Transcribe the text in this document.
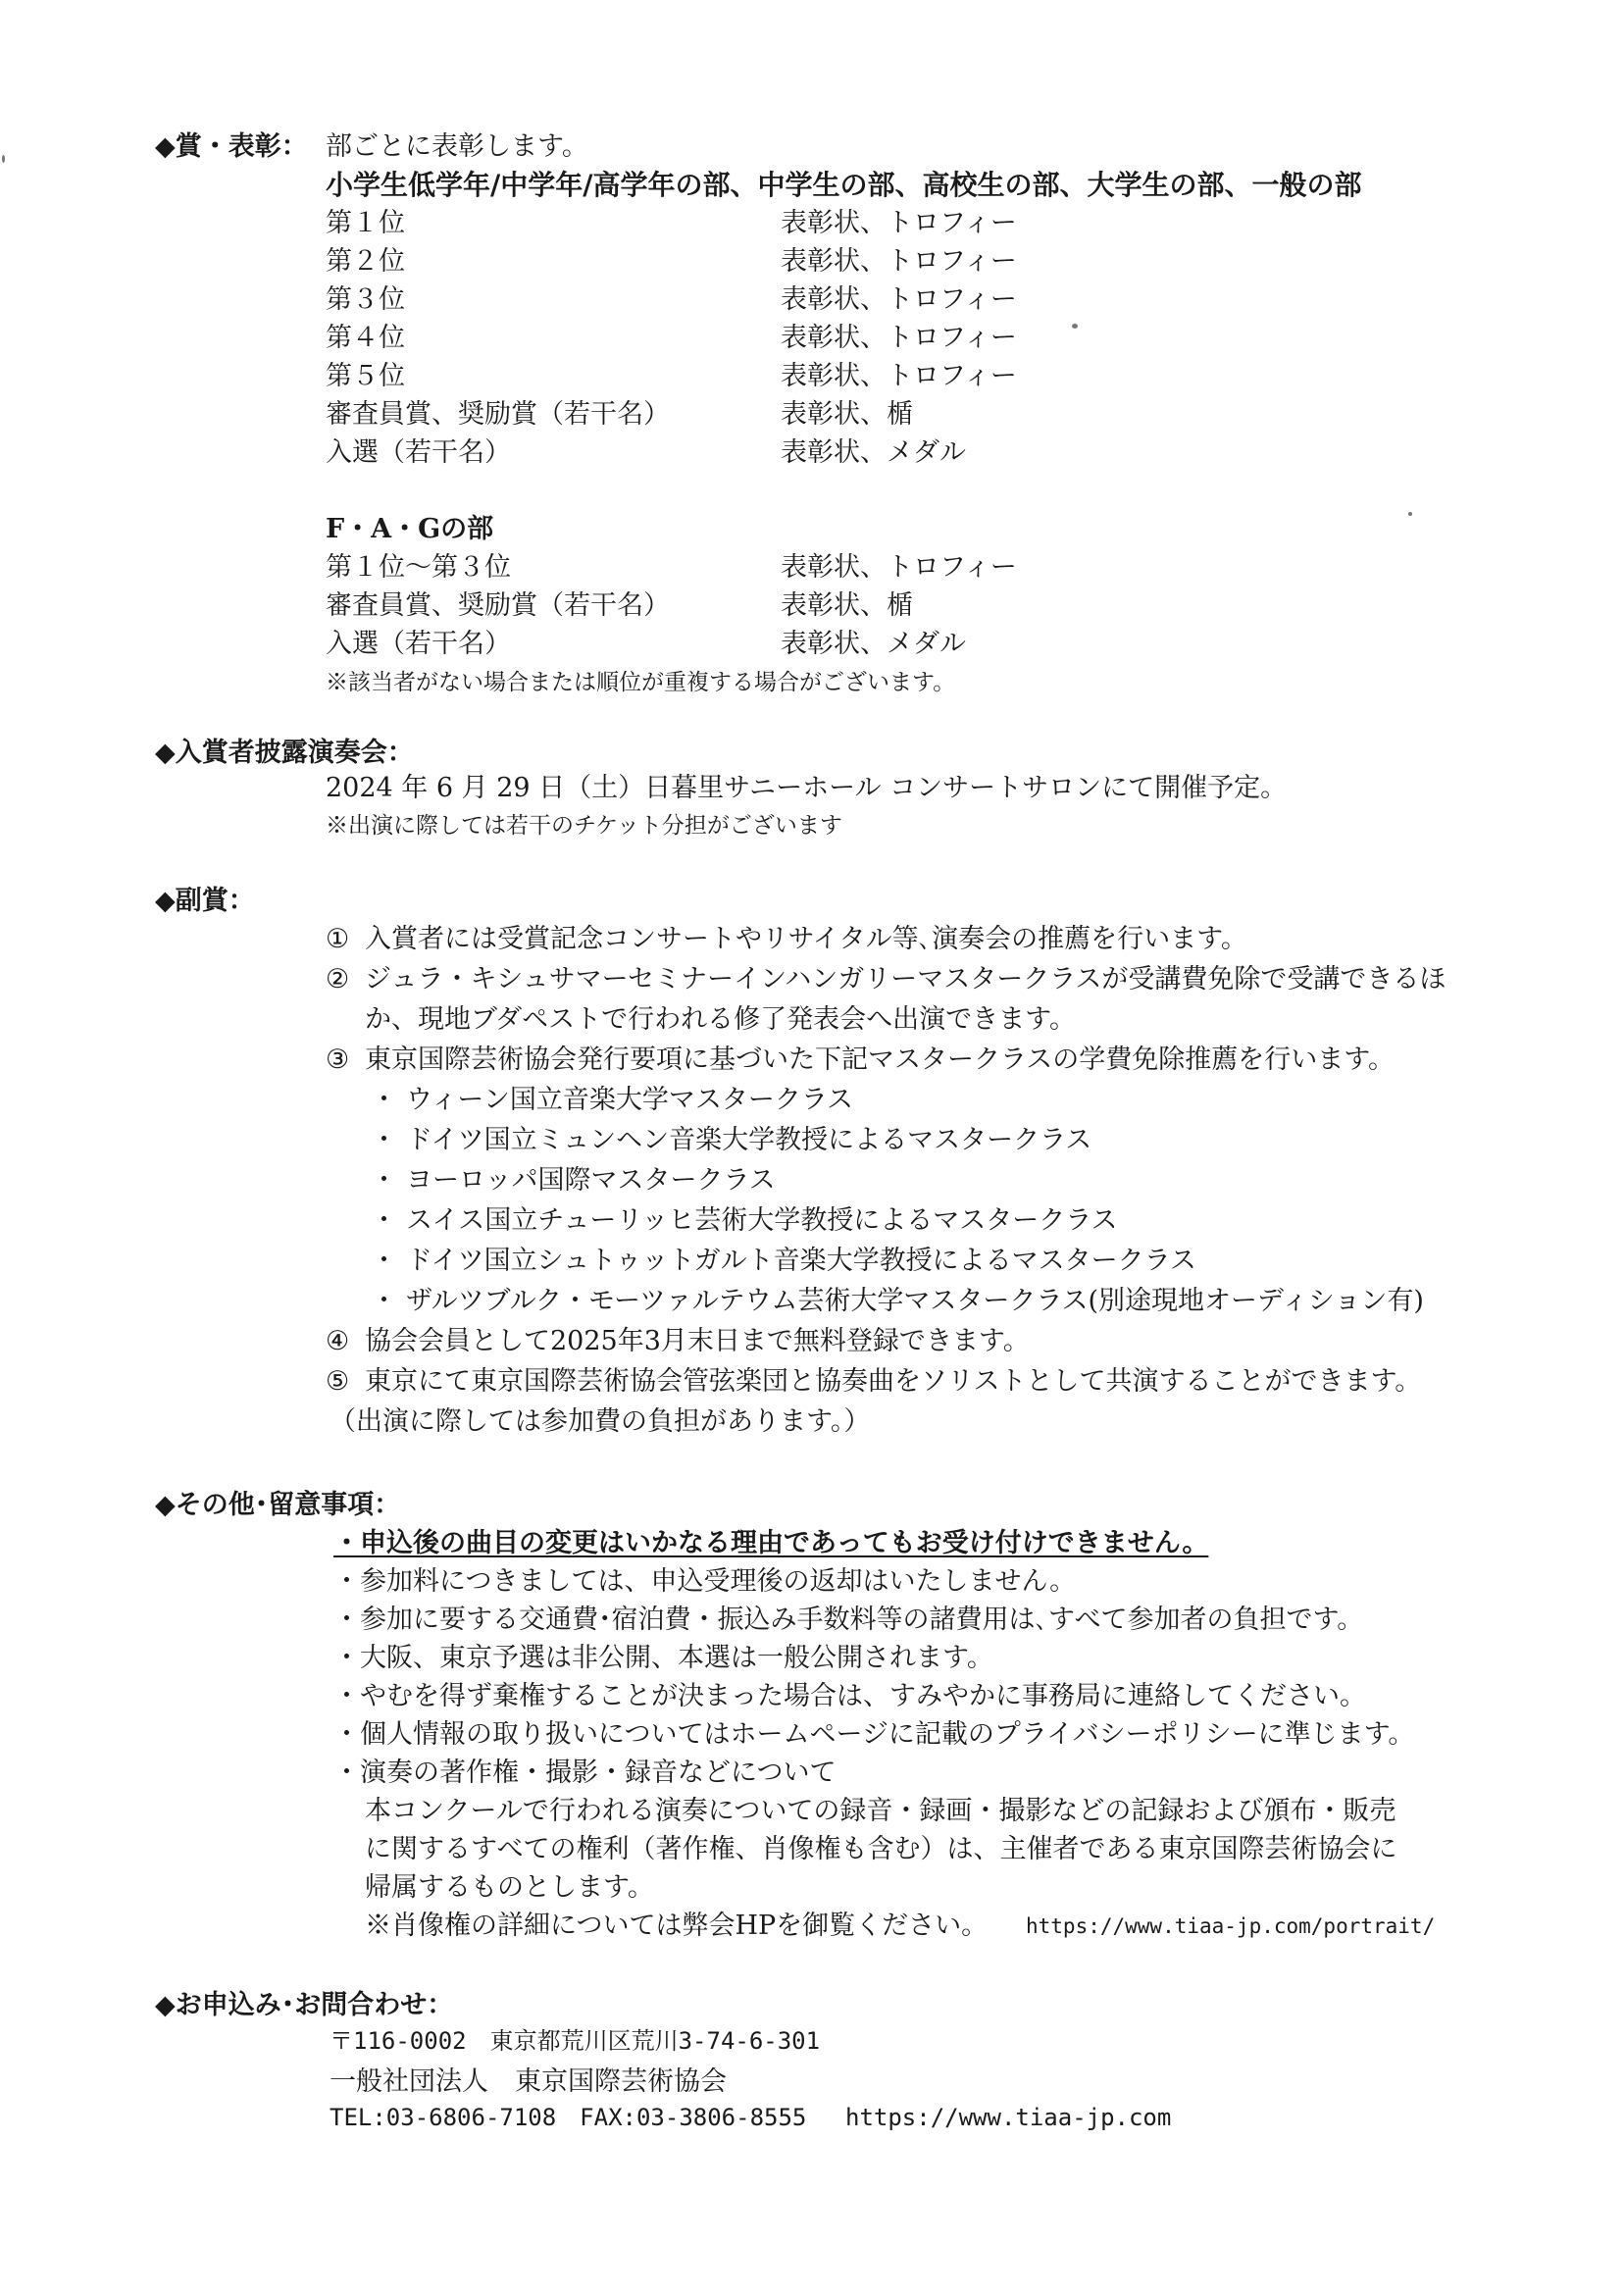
◆賞・表彰： 部ごとに表彰します。
小学生低学年/中学年/高学年の部、中学生の部、高校生の部、大学生の部、一般の部
第１位	表彰状、トロフィー
第２位	表彰状、トロフィー
第３位	表彰状、トロフィー
第４位	表彰状、トロフィー
第５位	表彰状、トロフィー
審査員賞、奨励賞（若干名）	表彰状、楯
入選（若干名）	表彰状、メダル
F・A・Gの部
第１位～第３位	表彰状、トロフィー
審査員賞、奨励賞（若干名）	表彰状、楯
入選（若干名）	表彰状、メダル
※該当者がない場合または順位が重複する場合がございます。
◆入賞者披露演奏会：
2024 年 6 月 29 日（土）日暮里サニーホール コンサートサロンにて開催予定。
※出演に際しては若干のチケット分担がございます
◆副賞：
① 入賞者には受賞記念コンサートやリサイタル等､演奏会の推薦を行います。
② ジュラ・キシュサマーセミナーインハンガリーマスタークラスが受講費免除で受講できるほ
か、現地ブダペストで行われる修了発表会へ出演できます。
③ 東京国際芸術協会発行要項に基づいた下記マスタークラスの学費免除推薦を行います。
・ ウィーン国立音楽大学マスタークラス
・ ドイツ国立ミュンヘン音楽大学教授によるマスタークラス
・ ヨーロッパ国際マスタークラス
・ スイス国立チューリッヒ芸術大学教授によるマスタークラス
・ ドイツ国立シュトゥットガルト音楽大学教授によるマスタークラス
・ ザルツブルク・モーツァルテウム芸術大学マスタークラス(別途現地オーディション有)
④ 協会会員として2025年3月末日まで無料登録できます。
⑤ 東京にて東京国際芸術協会管弦楽団と協奏曲をソリストとして共演することができます。
（出演に際しては参加費の負担があります。）
◆その他･留意事項：
・申込後の曲目の変更はいかなる理由であってもお受け付けできません。
・参加料につきましては、申込受理後の返却はいたしません。
・参加に要する交通費･宿泊費・振込み手数料等の諸費用は､すべて参加者の負担です。
・大阪、東京予選は非公開、本選は一般公開されます。
・やむを得ず棄権することが決まった場合は、すみやかに事務局に連絡してください。
・個人情報の取り扱いについてはホームページに記載のプライバシーポリシーに準じます。
・演奏の著作権・撮影・録音などについて
本コンクールで行われる演奏についての録音・録画・撮影などの記録および頒布・販売
に関するすべての権利（著作権、肖像権も含む）は、主催者である東京国際芸術協会に
帰属するものとします。
※肖像権の詳細については弊会HPを御覧ください。 https://www.tiaa-jp.com/portrait/
◆お申込み･お問合わせ：
〒116-0002　東京都荒川区荒川3-74-6-301
一般社団法人　東京国際芸術協会
TEL:03-6806-7108　FAX:03-3806-8555 https://www.tiaa-jp.com
